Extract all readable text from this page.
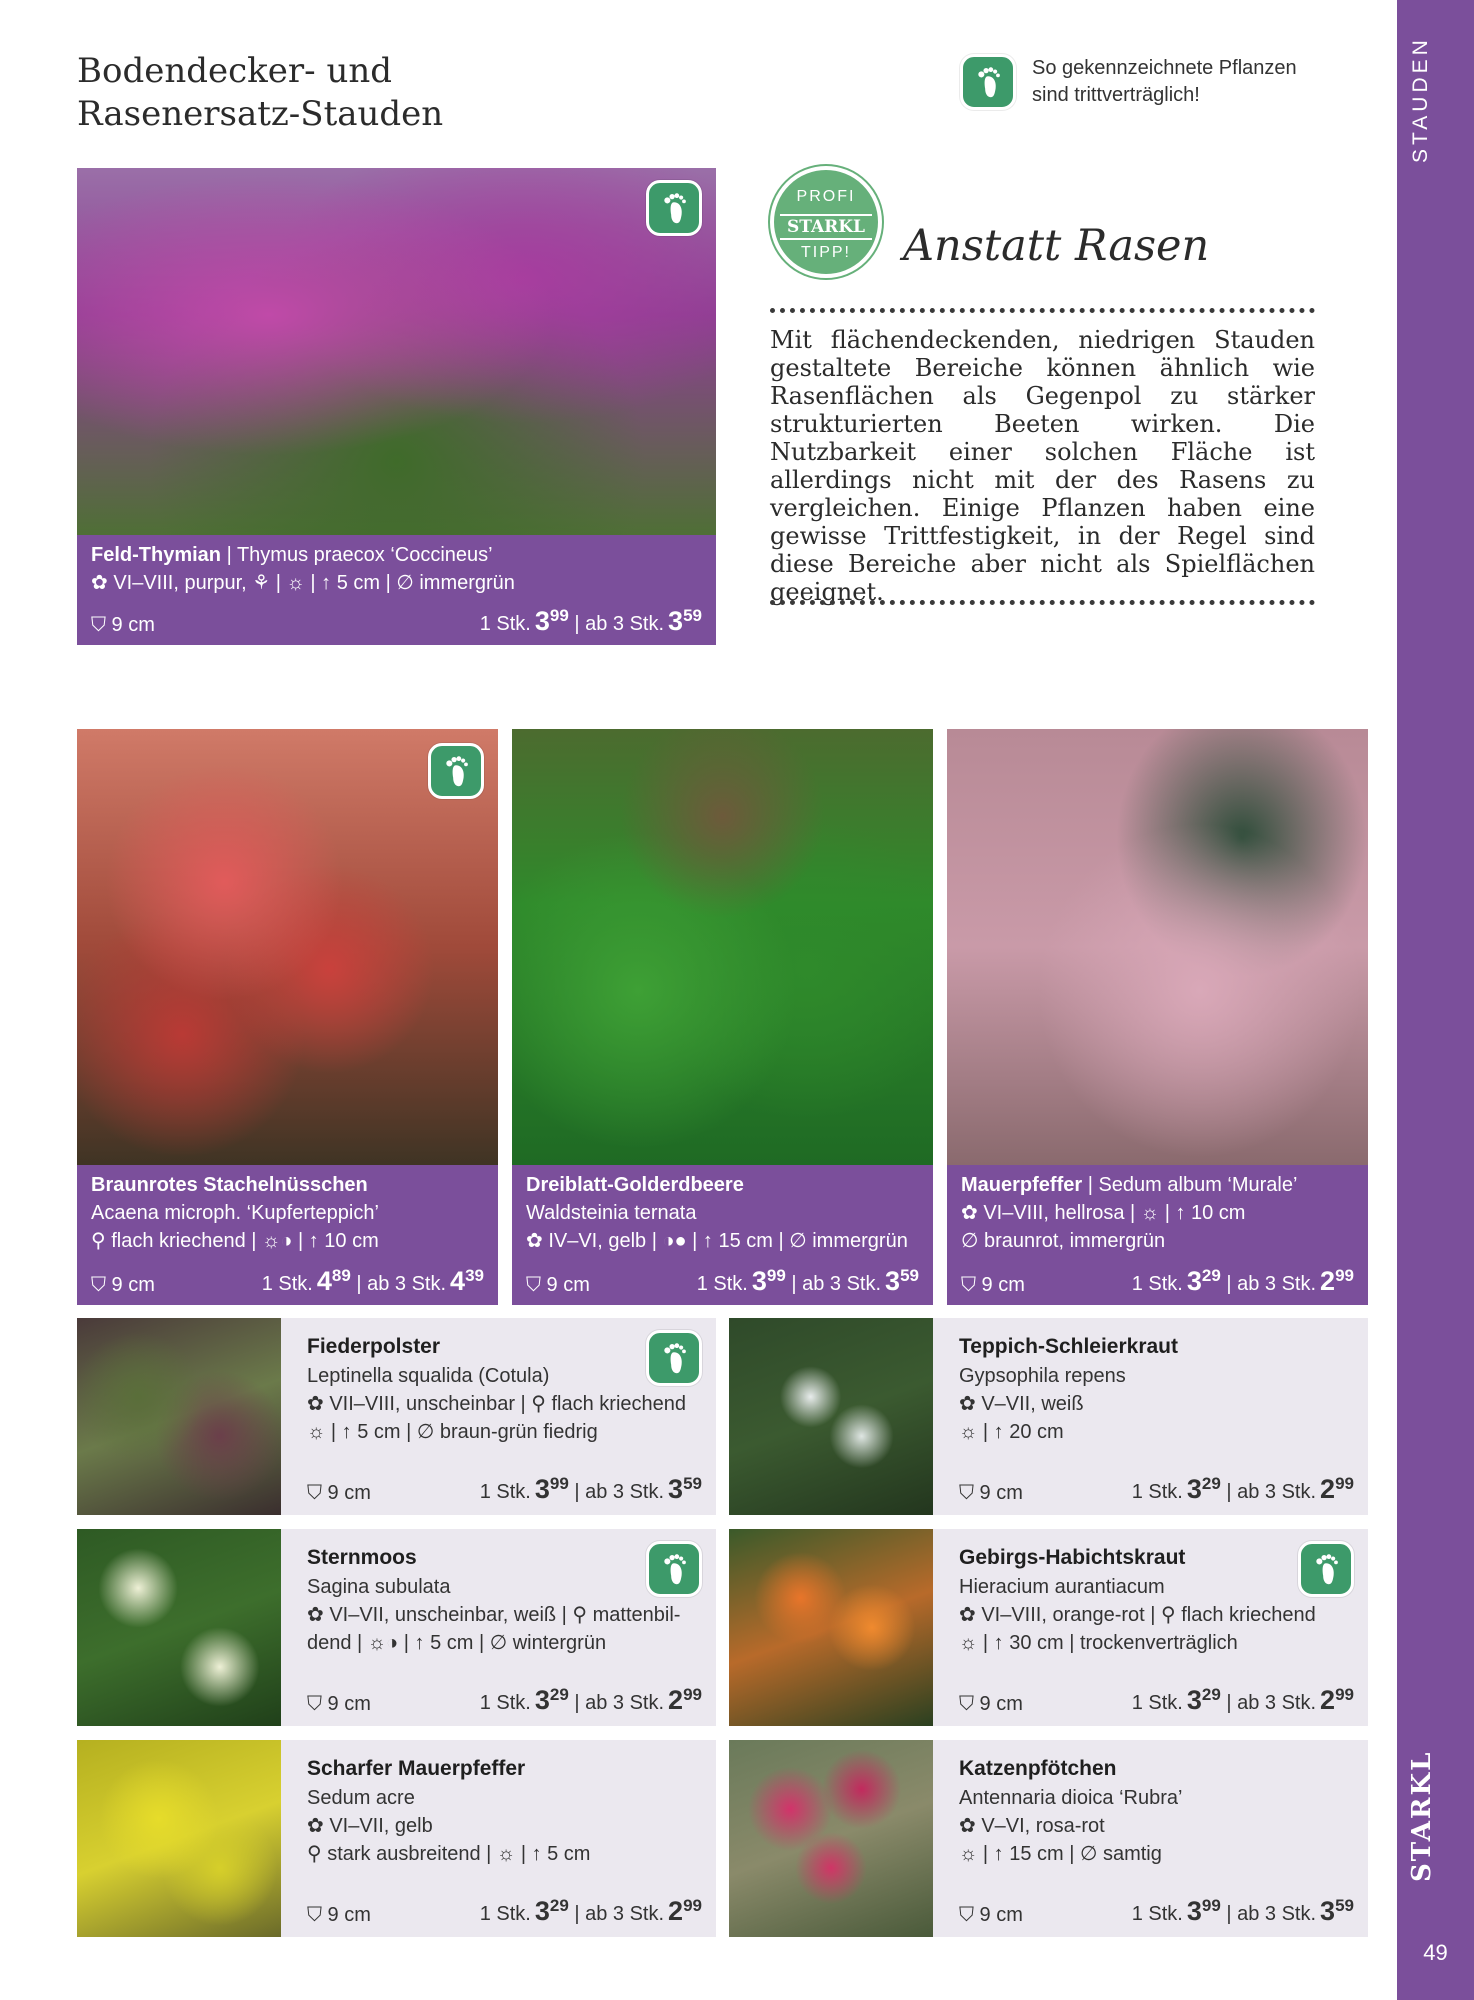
Bodendecker- und
Rasenersatz-Stauden
So gekennzeichnete Pflanzen
sind trittverträglich!	STAUDEN
STARKL
49
Feld-Thymian | Thymus praecox ‘Coccineus’
✿ VI–VIII, purpur, ⚘ | ☼ | ↑ 5 cm | ∅ immergrün
⛉ 9 cm	1 Stk. $3^{99}$ | ab 3 Stk. $3^{59}$
PROFI
STARKL
TIPP!	Anstatt Rasen
Mit flächendeckenden, niedrigen Stauden gestaltete Bereiche können ähnlich wie Rasenflächen als Gegenpol zu stärker strukturierten Beeten wirken. Die Nutzbarkeit einer solchen Fläche ist allerdings nicht mit der des Rasens zu vergleichen. Einige Pflanzen haben eine gewisse Trittfestigkeit, in der Regel sind diese Bereiche aber nicht als Spielflächen geeignet.
Braunrotes Stachelnüsschen
Acaena microph. ‘Kupferteppich’
⚲ flach kriechend | ☼◑ | ↑ 10 cm
⛉ 9 cm	1 Stk. $4^{89}$ | ab 3 Stk. $4^{39}$
Dreiblatt-Golderdbeere
Waldsteinia ternata
✿ IV–VI, gelb | ◑● | ↑ 15 cm | ∅ immergrün
⛉ 9 cm	1 Stk. $3^{99}$ | ab 3 Stk. $3^{59}$
Mauerpfeffer | Sedum album ‘Murale’
✿ VI–VIII, hellrosa | ☼ | ↑ 10 cm
∅ braunrot, immergrün
⛉ 9 cm	1 Stk. $3^{29}$ | ab 3 Stk. $2^{99}$
Fiederpolster
Leptinella squalida (Cotula)
✿ VII–VIII, unscheinbar | ⚲ flach kriechend
☼ | ↑ 5 cm | ∅ braun-grün fiedrig
⛉ 9 cm	1 Stk. $3^{99}$ | ab 3 Stk. $3^{59}$
Teppich-Schleierkraut
Gypsophila repens
✿ V–VII, weiß
☼ | ↑ 20 cm
⛉ 9 cm	1 Stk. $3^{29}$ | ab 3 Stk. $2^{99}$
Sternmoos
Sagina subulata
✿ VI–VII, unscheinbar, weiß | ⚲ mattenbil-
dend | ☼◑ | ↑ 5 cm | ∅ wintergrün
⛉ 9 cm	1 Stk. $3^{29}$ | ab 3 Stk. $2^{99}$
Gebirgs-Habichtskraut
Hieracium aurantiacum
✿ VI–VIII, orange-rot | ⚲ flach kriechend
☼ | ↑ 30 cm | trockenverträglich
⛉ 9 cm	1 Stk. $3^{29}$ | ab 3 Stk. $2^{99}$
Scharfer Mauerpfeffer
Sedum acre
✿ VI–VII, gelb
⚲ stark ausbreitend | ☼ | ↑ 5 cm
⛉ 9 cm	1 Stk. $3^{29}$ | ab 3 Stk. $2^{99}$
Katzenpfötchen
Antennaria dioica ‘Rubra’
✿ V–VI, rosa-rot
☼ | ↑ 15 cm | ∅ samtig
⛉ 9 cm	1 Stk. $3^{99}$ | ab 3 Stk. $3^{59}$
